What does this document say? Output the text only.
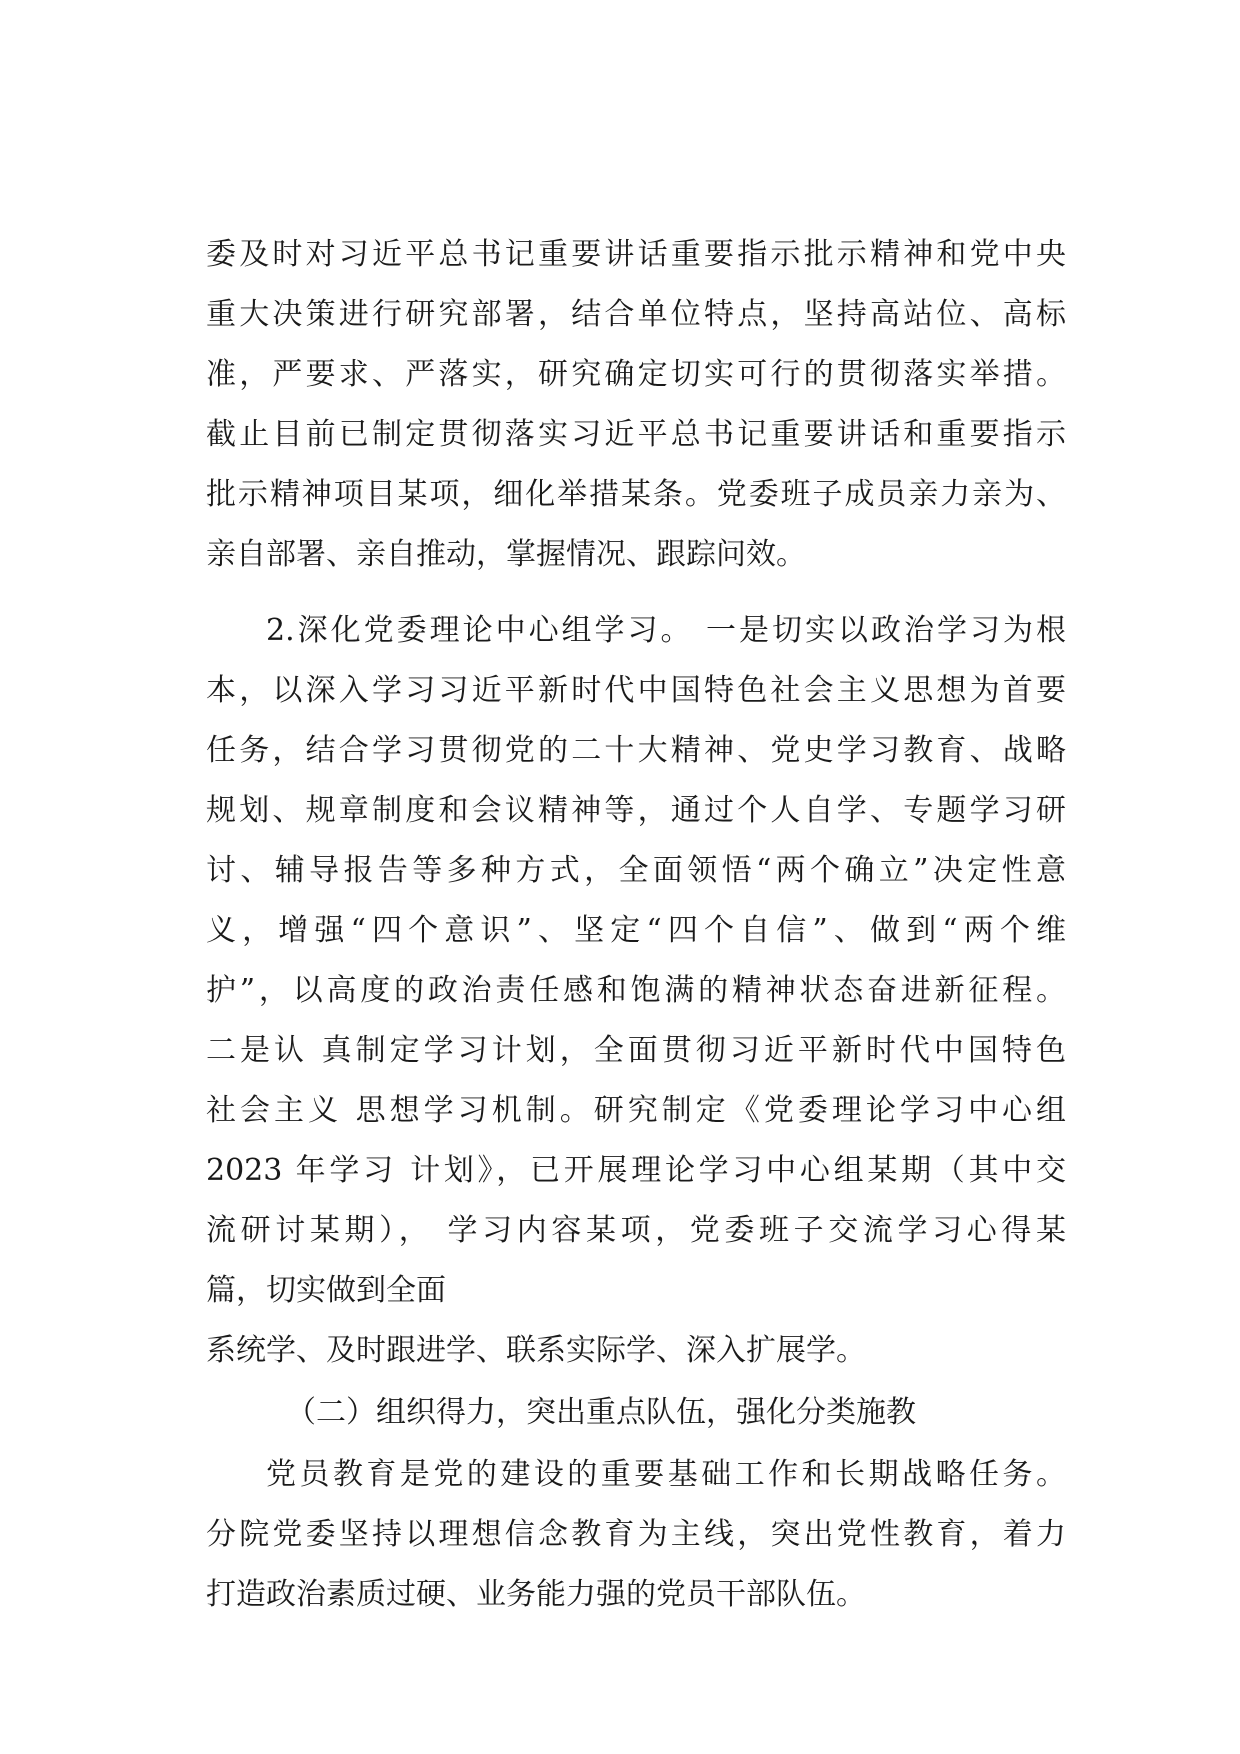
委及时对习近平总书记重要讲话重要指示批示精神和党中央
重大决策进行研究部署，结合单位特点，坚持高站位、高标
准，严要求、严落实，研究确定切实可行的贯彻落实举措。
截止目前已制定贯彻落实习近平总书记重要讲话和重要指示
批示精神项目某项，细化举措某条。党委班子成员亲力亲为、
亲自部署、亲自推动，掌握情况、跟踪问效。
2.深化党委理论中心组学习。 一是切实以政治学习为根
本，以深入学习习近平新时代中国特色社会主义思想为首要
任务，结合学习贯彻党的二十大精神、党史学习教育、战略
规划、规章制度和会议精神等，通过个人自学、专题学习研
讨、辅导报告等多种方式，全面领悟“两个确立”决定性意
义，增强“四个意识”、坚定“四个自信”、做到“两个维
护”，以高度的政治责任感和饱满的精神状态奋进新征程。
二是认 真制定学习计划，全面贯彻习近平新时代中国特色
社会主义 思想学习机制。研究制定《党委理论学习中心组
2023 年学习 计划》，已开展理论学习中心组某期（其中交
流研讨某期）， 学习内容某项，党委班子交流学习心得某
篇，切实做到全面
系统学、及时跟进学、联系实际学、深入扩展学。
（二）组织得力，突出重点队伍，强化分类施教
党员教育是党的建设的重要基础工作和长期战略任务。
分院党委坚持以理想信念教育为主线，突出党性教育，着力
打造政治素质过硬、业务能力强的党员干部队伍。
